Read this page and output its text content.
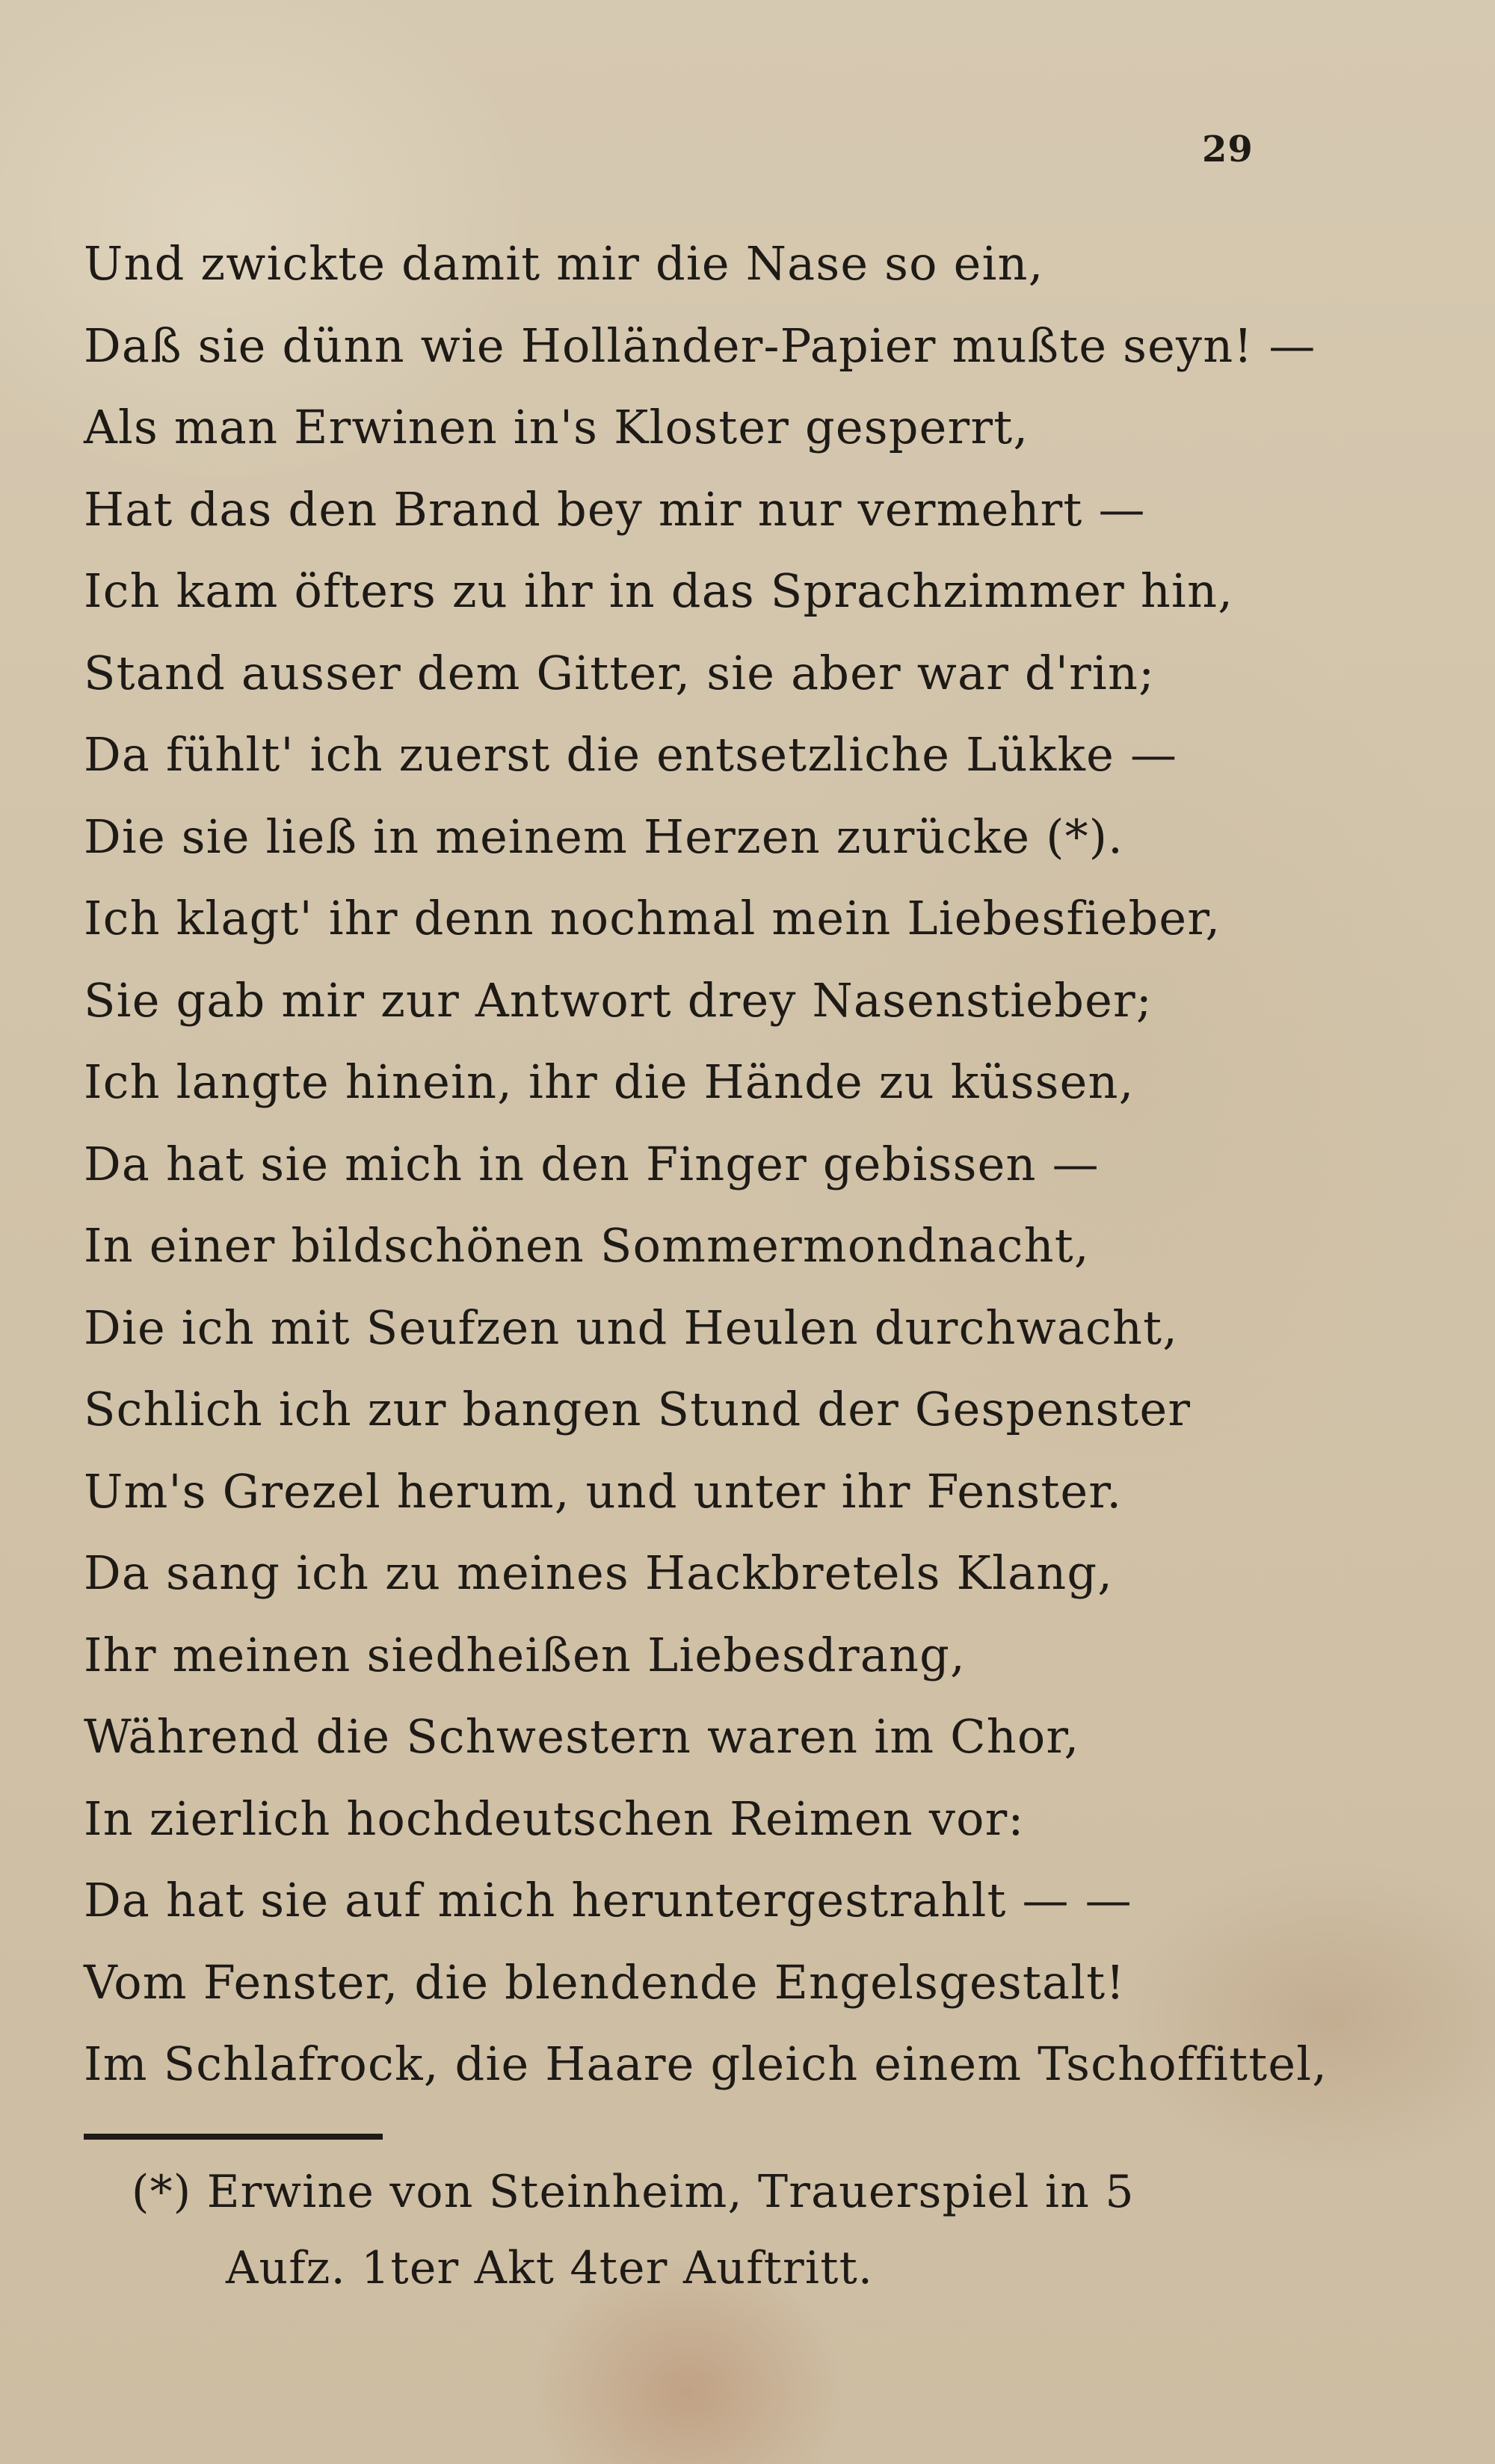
29
Und zwickte damit mir die Nase so ein,
Daß sie dünn wie Holländer-Papier mußte seyn! —
Als man Erwinen in's Kloster gesperrt,
Hat das den Brand bey mir nur vermehrt —
Ich kam öfters zu ihr in das Sprachzimmer hin,
Stand ausser dem Gitter, sie aber war d'rin;
Da fühlt' ich zuerst die entsetzliche Lükke —
Die sie ließ in meinem Herzen zurücke (*).
Ich klagt' ihr denn nochmal mein Liebesfieber,
Sie gab mir zur Antwort drey Nasenstieber;
Ich langte hinein, ihr die Hände zu küssen,
Da hat sie mich in den Finger gebissen —
In einer bildschönen Sommermondnacht,
Die ich mit Seufzen und Heulen durchwacht,
Schlich ich zur bangen Stund der Gespenster
Um's Grezel herum, und unter ihr Fenster.
Da sang ich zu meines Hackbretels Klang,
Ihr meinen siedheißen Liebesdrang,
Während die Schwestern waren im Chor,
In zierlich hochdeutschen Reimen vor:
Da hat sie auf mich heruntergestrahlt — —
Vom Fenster, die blendende Engelsgestalt!
Im Schlafrock, die Haare gleich einem Tschoffittel,
(*) Erwine von Steinheim, Trauerspiel in 5
Aufz. 1ter Akt 4ter Auftritt.
